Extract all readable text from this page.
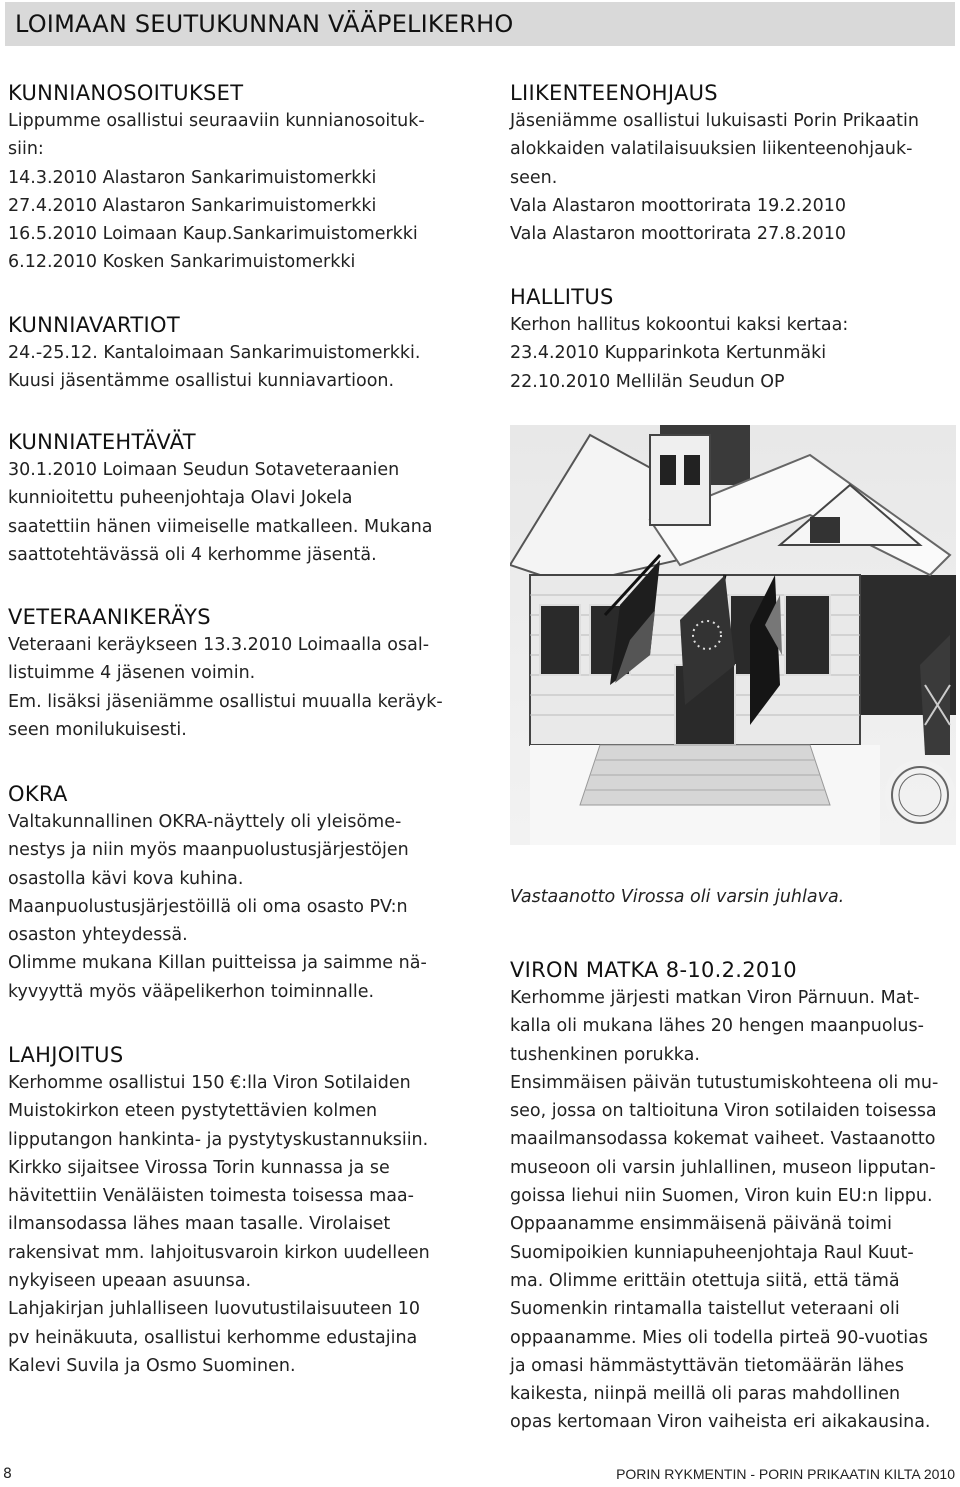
LOIMAAN SEUTUKUNNAN VÄÄPELIKERHO
KUNNIANOSOITUKSET
Lippumme osallistui seuraaviin kunnianosoituk-
siin:
14.3.2010 Alastaron Sankarimuistomerkki
27.4.2010 Alastaron Sankarimuistomerkki
16.5.2010 Loimaan Kaup.Sankarimuistomerkki
6.12.2010 Kosken Sankarimuistomerkki
KUNNIAVARTIOT
24.-25.12. Kantaloimaan Sankarimuistomerkki.
Kuusi jäsentämme osallistui kunniavartioon.
KUNNIATEHTÄVÄT
30.1.2010 Loimaan Seudun Sotaveteraanien
kunnioitettu puheenjohtaja Olavi Jokela
saatettiin hänen viimeiselle matkalleen. Mukana
saattotehtävässä oli 4 kerhomme jäsentä.
VETERAANIKERÄYS
Veteraani keräykseen 13.3.2010 Loimaalla osal-
listuimme 4 jäsenen voimin.
Em. lisäksi jäseniämme osallistui muualla keräyk-
seen monilukuisesti.
OKRA
Valtakunnallinen OKRA-näyttely oli yleisöme-
nestys ja niin myös maanpuolustusjärjestöjen
osastolla kävi kova kuhina.
Maanpuolustusjärjestöillä oli oma osasto PV:n
osaston yhteydessä.
Olimme mukana Killan puitteissa ja saimme nä-
kyvyyttä myös vääpelikerhon toiminnalle.
LAHJOITUS
Kerhomme osallistui 150 €:lla Viron Sotilaiden
Muistokirkon eteen pystytettävien kolmen
lipputangon hankinta- ja pystytyskustannuksiin.
Kirkko sijaitsee Virossa Torin kunnassa ja se
hävitettiin Venäläisten toimesta toisessa maa-
ilmansodassa lähes maan tasalle. Virolaiset
rakensivat mm. lahjoitusvaroin kirkon uudelleen
nykyiseen upeaan asuunsa.
Lahjakirjan juhlalliseen luovutustilaisuuteen 10
pv heinäkuuta, osallistui kerhomme edustajina
Kalevi Suvila ja Osmo Suominen.
LIIKENTEENOHJAUS
Jäseniämme osallistui lukuisasti Porin Prikaatin
alokkaiden valatilaisuuksien liikenteenohjauk-
seen.
Vala Alastaron moottorirata 19.2.2010
Vala Alastaron moottorirata 27.8.2010
HALLITUS
Kerhon hallitus kokoontui kaksi kertaa:
23.4.2010 Kupparinkota Kertunmäki
22.10.2010 Mellilän Seudun OP
Vastaanotto Virossa oli varsin juhlava.
VIRON MATKA 8-10.2.2010
Kerhomme järjesti matkan Viron Pärnuun. Mat-
kalla oli mukana lähes 20 hengen maanpuolus-
tushenkinen porukka.
Ensimmäisen päivän tutustumiskohteena oli mu-
seo, jossa on taltioituna Viron sotilaiden toisessa
maailmansodassa kokemat vaiheet. Vastaanotto
museoon oli varsin juhlallinen, museon lipputan-
goissa liehui niin Suomen, Viron kuin EU:n lippu.
Oppaanamme ensimmäisenä päivänä toimi
Suomipoikien kunniapuheenjohtaja Raul Kuut-
ma. Olimme erittäin otettuja siitä, että tämä
Suomenkin rintamalla taistellut veteraani oli
oppaanamme. Mies oli todella pirteä 90-vuotias
ja omasi hämmästyttävän tietomäärän lähes
kaikesta, niinpä meillä oli paras mahdollinen
opas kertomaan Viron vaiheista eri aikakausina.
8	PORIN RYKMENTIN - PORIN PRIKAATIN KILTA 2010
